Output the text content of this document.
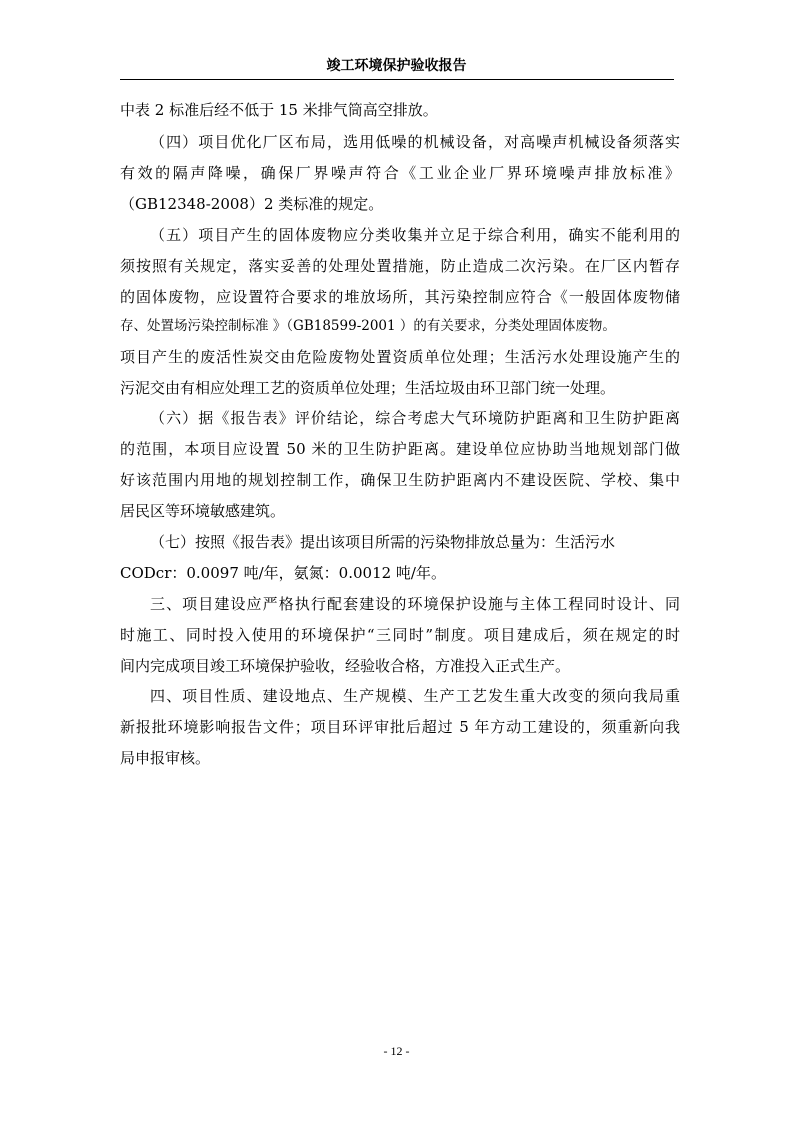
竣工环境保护验收报告
中表 2 标准后经不低于 15 米排气筒高空排放。
（四）项目优化厂区布局，选用低噪的机械设备，对高噪声机械设备须落实
有效的隔声降噪，确保厂界噪声符合《工业企业厂界环境噪声排放标准》
（GB12348-2008）2 类标准的规定。
（五）项目产生的固体废物应分类收集并立足于综合利用，确实不能利用的
须按照有关规定，落实妥善的处理处置措施，防止造成二次污染。在厂区内暂存
的固体废物，应设置符合要求的堆放场所，其污染控制应符合《一般固体废物储
存、处置场污染控制标准 》（GB18599-2001 ）的有关要求，分类处理固体废物。
项目产生的废活性炭交由危险废物处置资质单位处理；生活污水处理设施产生的
污泥交由有相应处理工艺的资质单位处理；生活垃圾由环卫部门统一处理。
（六）据《报告表》评价结论，综合考虑大气环境防护距离和卫生防护距离
的范围，本项目应设置 50 米的卫生防护距离。建设单位应协助当地规划部门做
好该范围内用地的规划控制工作，确保卫生防护距离内不建设医院、学校、集中
居民区等环境敏感建筑。
（七）按照《报告表》提出该项目所需的污染物排放总量为：生活污水
CODcr：0.0097 吨/年，氨氮：0.0012 吨/年。
三、项目建设应严格执行配套建设的环境保护设施与主体工程同时设计、同
时施工、同时投入使用的环境保护“三同时”制度。项目建成后，须在规定的时
间内完成项目竣工环境保护验收，经验收合格，方准投入正式生产。
四、项目性质、建设地点、生产规模、生产工艺发生重大改变的须向我局重
新报批环境影响报告文件；项目环评审批后超过 5 年方动工建设的，须重新向我
局申报审核。
- 12 -
